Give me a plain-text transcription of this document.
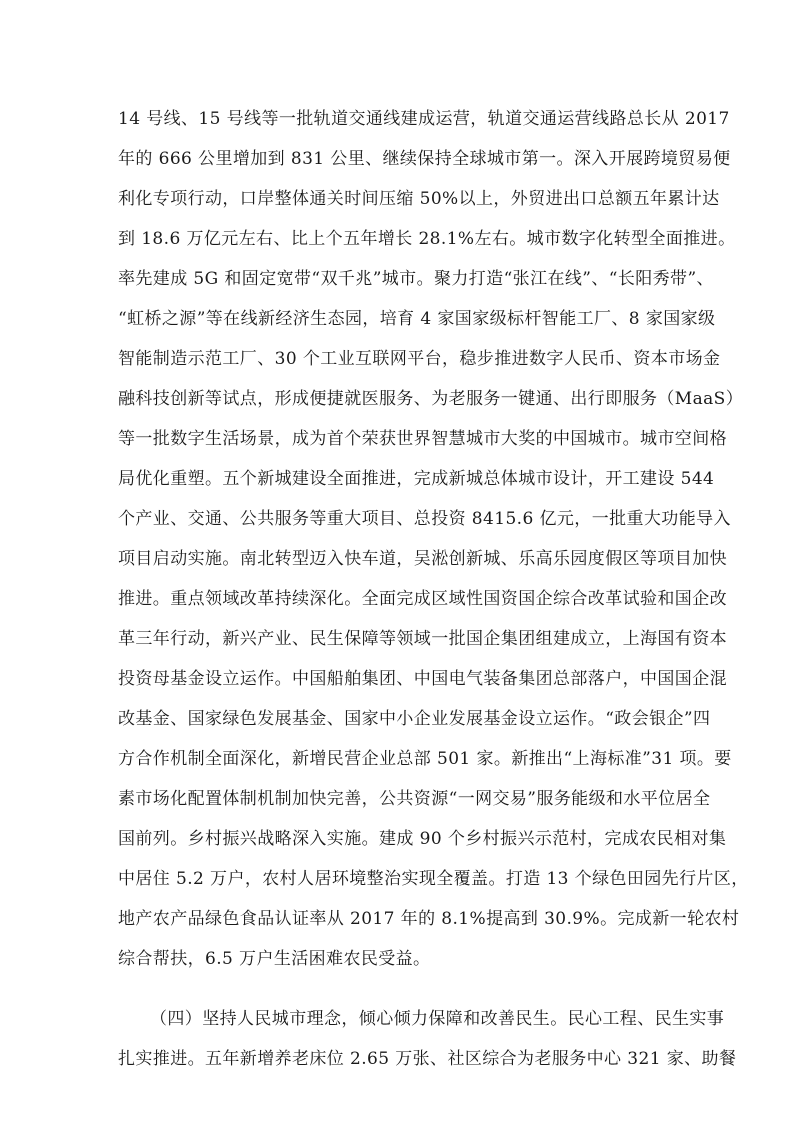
14 号线、15 号线等一批轨道交通线建成运营，轨道交通运营线路总长从 2017
年的 666 公里增加到 831 公里、继续保持全球城市第一。深入开展跨境贸易便
利化专项行动，口岸整体通关时间压缩 50%以上，外贸进出口总额五年累计达
到 18.6 万亿元左右、比上个五年增长 28.1%左右。城市数字化转型全面推进。
率先建成 5G 和固定宽带“双千兆”城市。聚力打造“张江在线”、“长阳秀带”、
“虹桥之源”等在线新经济生态园，培育 4 家国家级标杆智能工厂、8 家国家级
智能制造示范工厂、30 个工业互联网平台，稳步推进数字人民币、资本市场金
融科技创新等试点，形成便捷就医服务、为老服务一键通、出行即服务（MaaS）
等一批数字生活场景，成为首个荣获世界智慧城市大奖的中国城市。城市空间格
局优化重塑。五个新城建设全面推进，完成新城总体城市设计，开工建设 544
个产业、交通、公共服务等重大项目、总投资 8415.6 亿元，一批重大功能导入
项目启动实施。南北转型迈入快车道，吴淞创新城、乐高乐园度假区等项目加快
推进。重点领域改革持续深化。全面完成区域性国资国企综合改革试验和国企改
革三年行动，新兴产业、民生保障等领域一批国企集团组建成立，上海国有资本
投资母基金设立运作。中国船舶集团、中国电气装备集团总部落户，中国国企混
改基金、国家绿色发展基金、国家中小企业发展基金设立运作。“政会银企”四
方合作机制全面深化，新增民营企业总部 501 家。新推出“上海标准”31 项。要
素市场化配置体制机制加快完善，公共资源“一网交易”服务能级和水平位居全
国前列。乡村振兴战略深入实施。建成 90 个乡村振兴示范村，完成农民相对集
中居住 5.2 万户，农村人居环境整治实现全覆盖。打造 13 个绿色田园先行片区，
地产农产品绿色食品认证率从 2017 年的 8.1%提高到 30.9%。完成新一轮农村
综合帮扶，6.5 万户生活困难农民受益。
（四）坚持人民城市理念，倾心倾力保障和改善民生。民心工程、民生实事
扎实推进。五年新增养老床位 2.65 万张、社区综合为老服务中心 321 家、助餐
